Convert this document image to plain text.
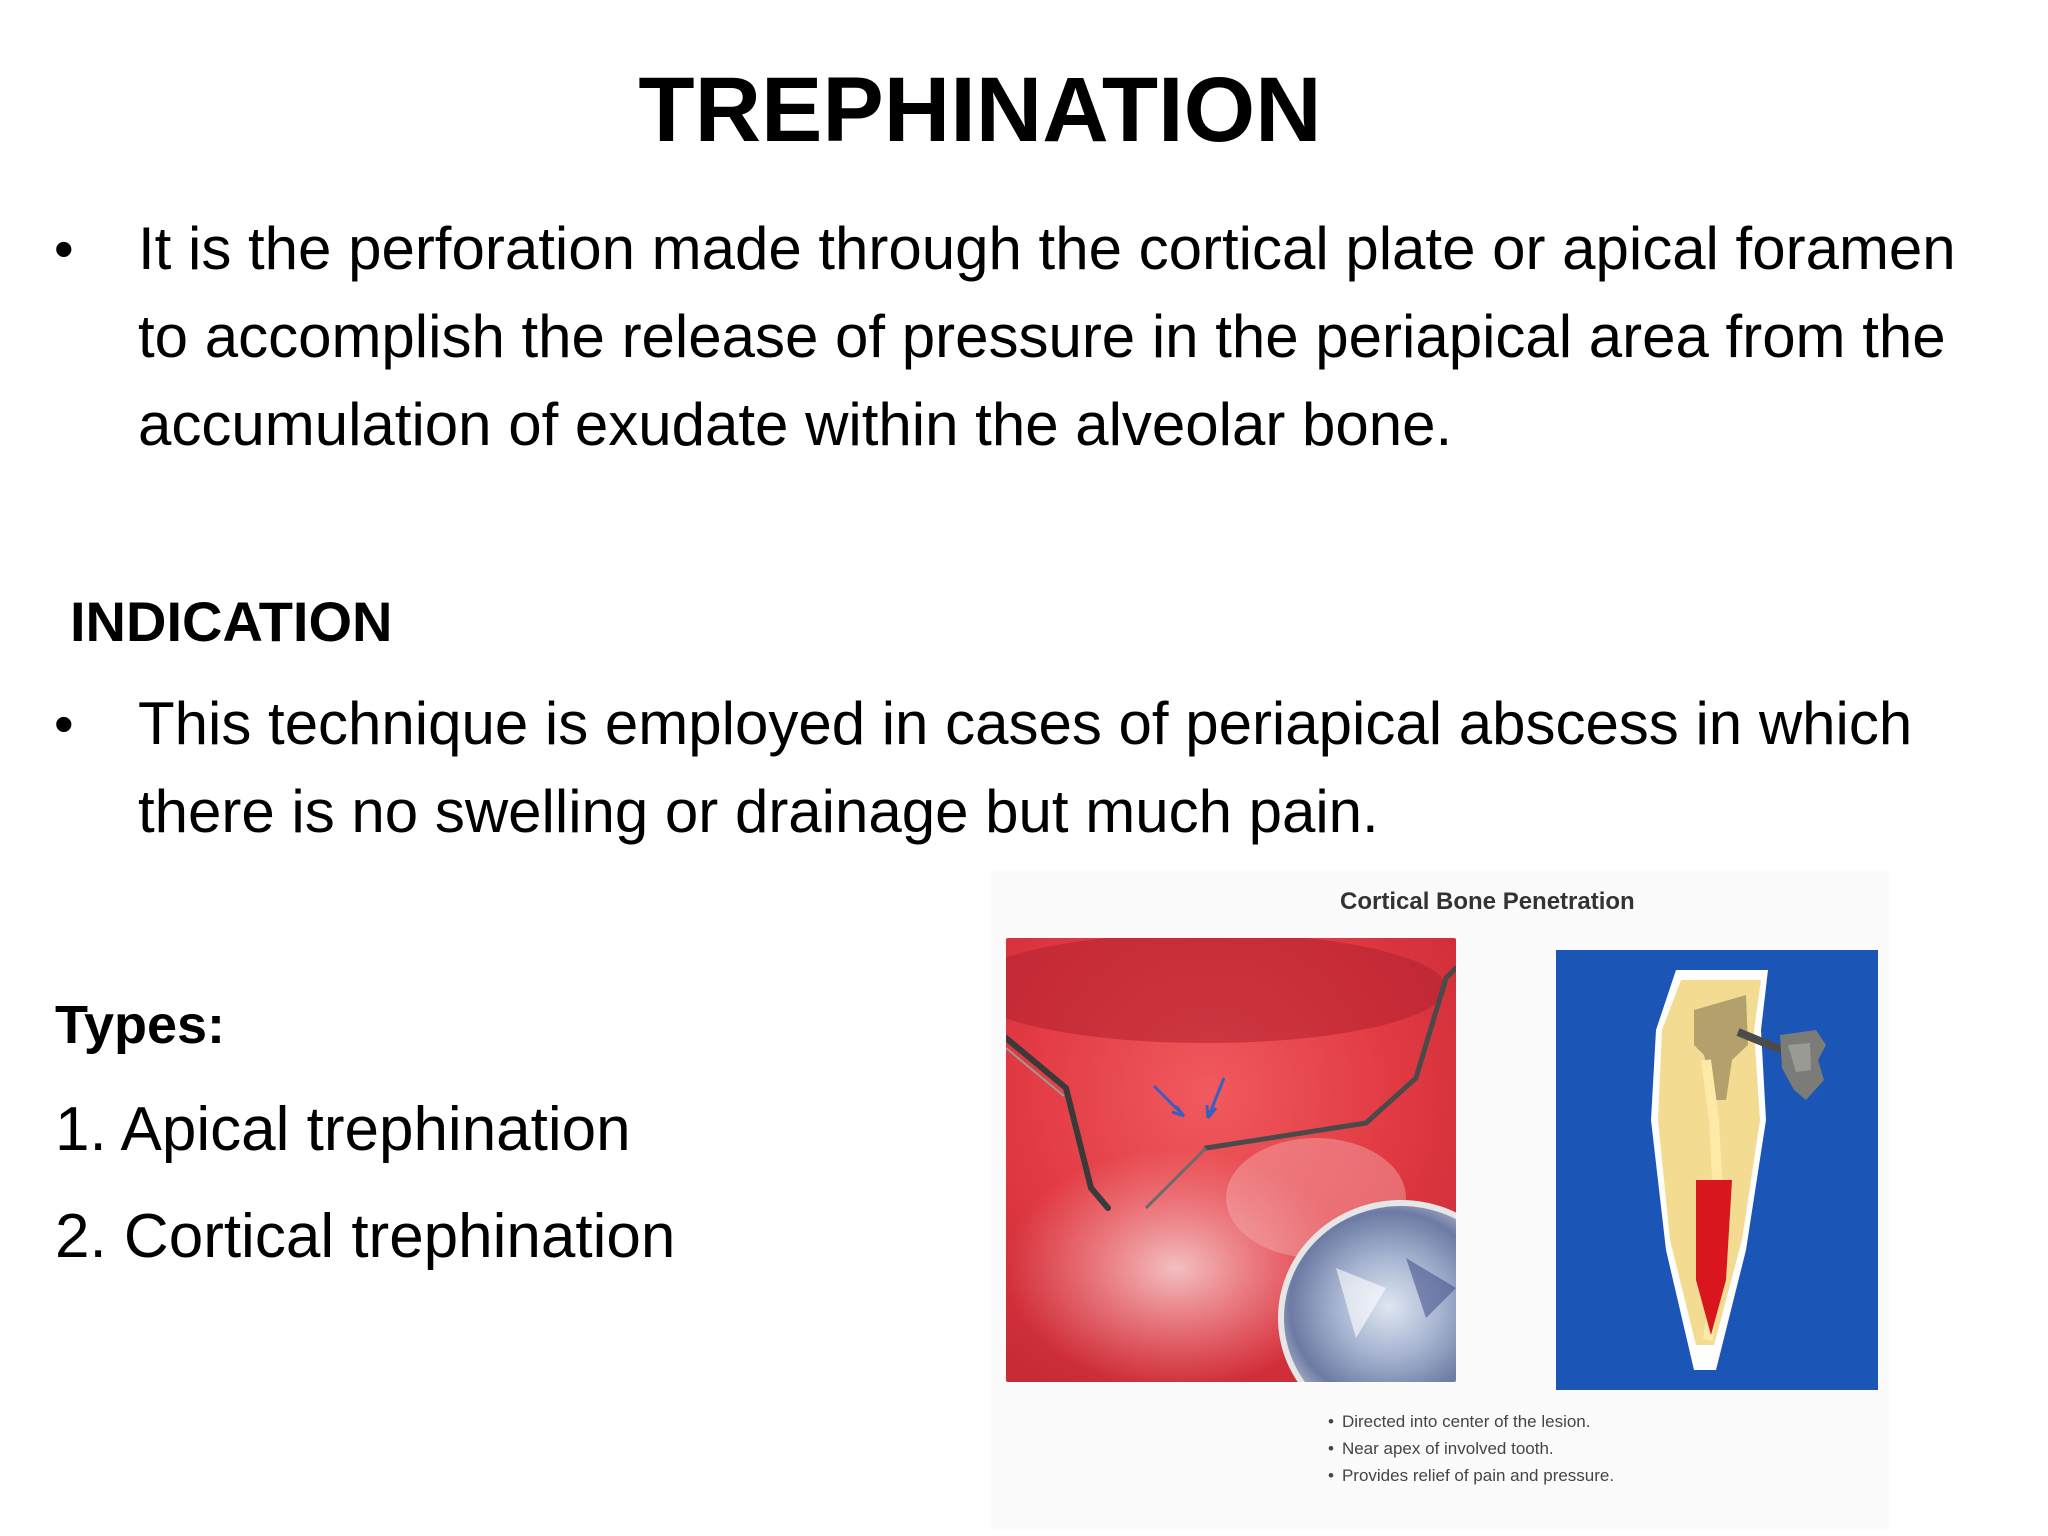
TREPHINATION
•	It is the perforation made through the cortical plate or apical foramen to accomplish the release of pressure in the periapical area from the accumulation of exudate within the alveolar bone.
INDICATION
•	This technique is employed in cases of periapical abscess in which there is no swelling or drainage but much pain.
Types:
1. Apical trephination
2. Cortical trephination
Cortical Bone Penetration
• Directed into center of the lesion.
• Near apex of involved tooth.
• Provides relief of pain and pressure.
